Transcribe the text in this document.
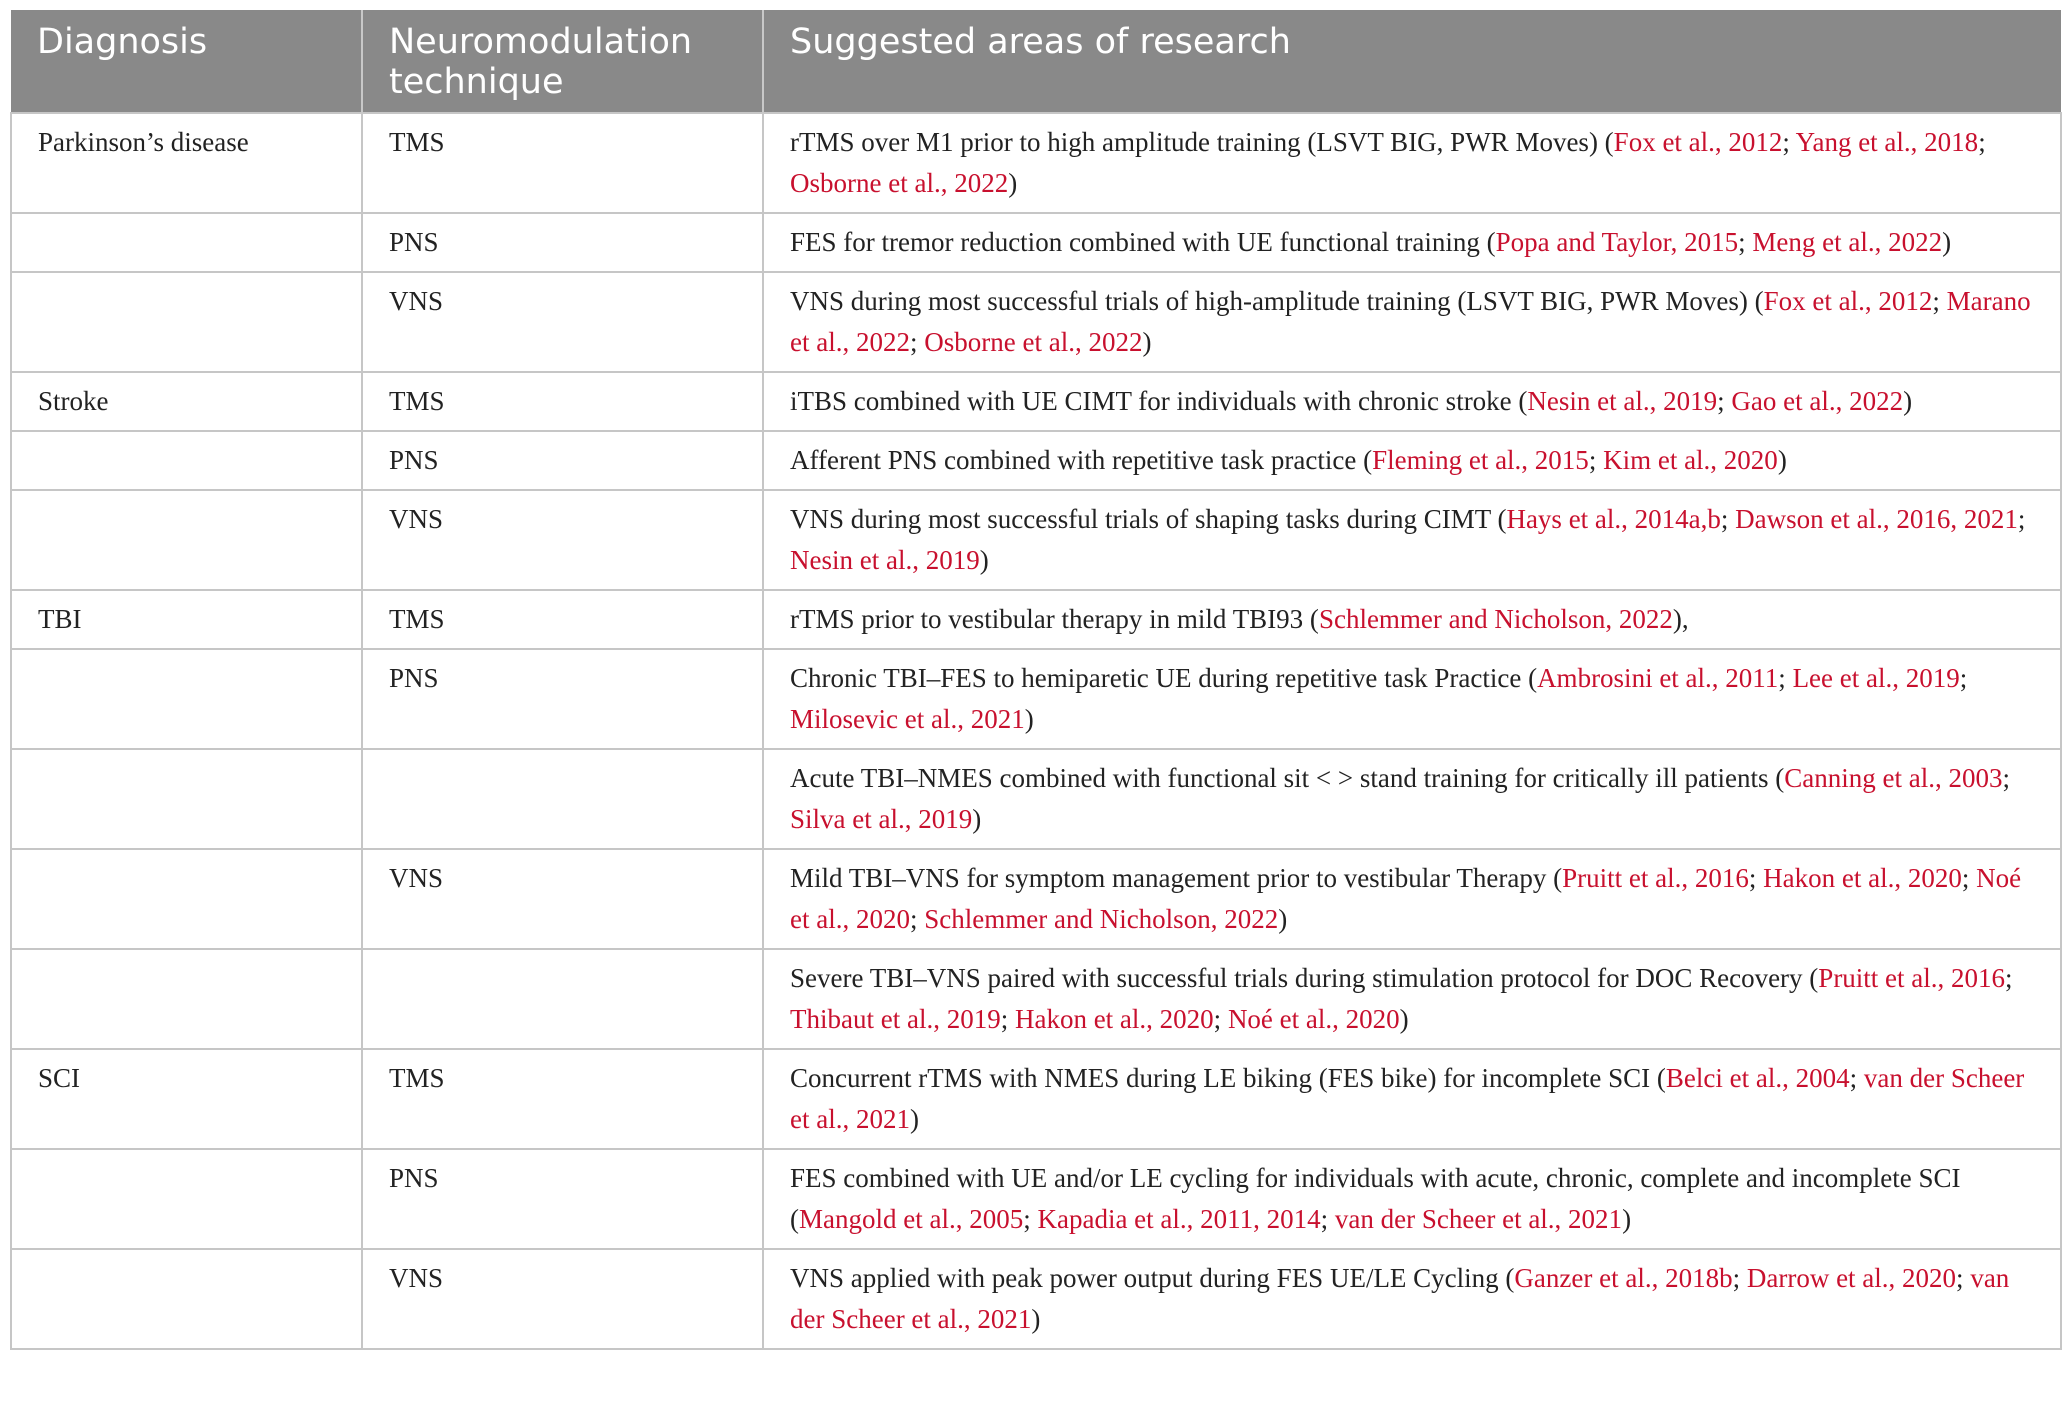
Diagnosis	Neuromodulation technique	Suggested areas of research
Parkinson’s disease	TMS	rTMS over M1 prior to high amplitude training (LSVT BIG, PWR Moves) (Fox et al., 2012; Yang et al., 2018; Osborne et al., 2022)
	PNS	FES for tremor reduction combined with UE functional training (Popa and Taylor, 2015; Meng et al., 2022)
	VNS	VNS during most successful trials of high-amplitude training (LSVT BIG, PWR Moves) (Fox et al., 2012; Marano et al., 2022; Osborne et al., 2022)
Stroke	TMS	iTBS combined with UE CIMT for individuals with chronic stroke (Nesin et al., 2019; Gao et al., 2022)
	PNS	Afferent PNS combined with repetitive task practice (Fleming et al., 2015; Kim et al., 2020)
	VNS	VNS during most successful trials of shaping tasks during CIMT (Hays et al., 2014a,b; Dawson et al., 2016, 2021; Nesin et al., 2019)
TBI	TMS	rTMS prior to vestibular therapy in mild TBI93 (Schlemmer and Nicholson, 2022),
	PNS	Chronic TBI–FES to hemiparetic UE during repetitive task Practice (Ambrosini et al., 2011; Lee et al., 2019; Milosevic et al., 2021)
		Acute TBI–NMES combined with functional sit < > stand training for critically ill patients (Canning et al., 2003; Silva et al., 2019)
	VNS	Mild TBI–VNS for symptom management prior to vestibular Therapy (Pruitt et al., 2016; Hakon et al., 2020; Noé et al., 2020; Schlemmer and Nicholson, 2022)
		Severe TBI–VNS paired with successful trials during stimulation protocol for DOC Recovery (Pruitt et al., 2016; Thibaut et al., 2019; Hakon et al., 2020; Noé et al., 2020)
SCI	TMS	Concurrent rTMS with NMES during LE biking (FES bike) for incomplete SCI (Belci et al., 2004; van der Scheer et al., 2021)
	PNS	FES combined with UE and/or LE cycling for individuals with acute, chronic, complete and incomplete SCI (Mangold et al., 2005; Kapadia et al., 2011, 2014; van der Scheer et al., 2021)
	VNS	VNS applied with peak power output during FES UE/LE Cycling (Ganzer et al., 2018b; Darrow et al., 2020; van der Scheer et al., 2021)
